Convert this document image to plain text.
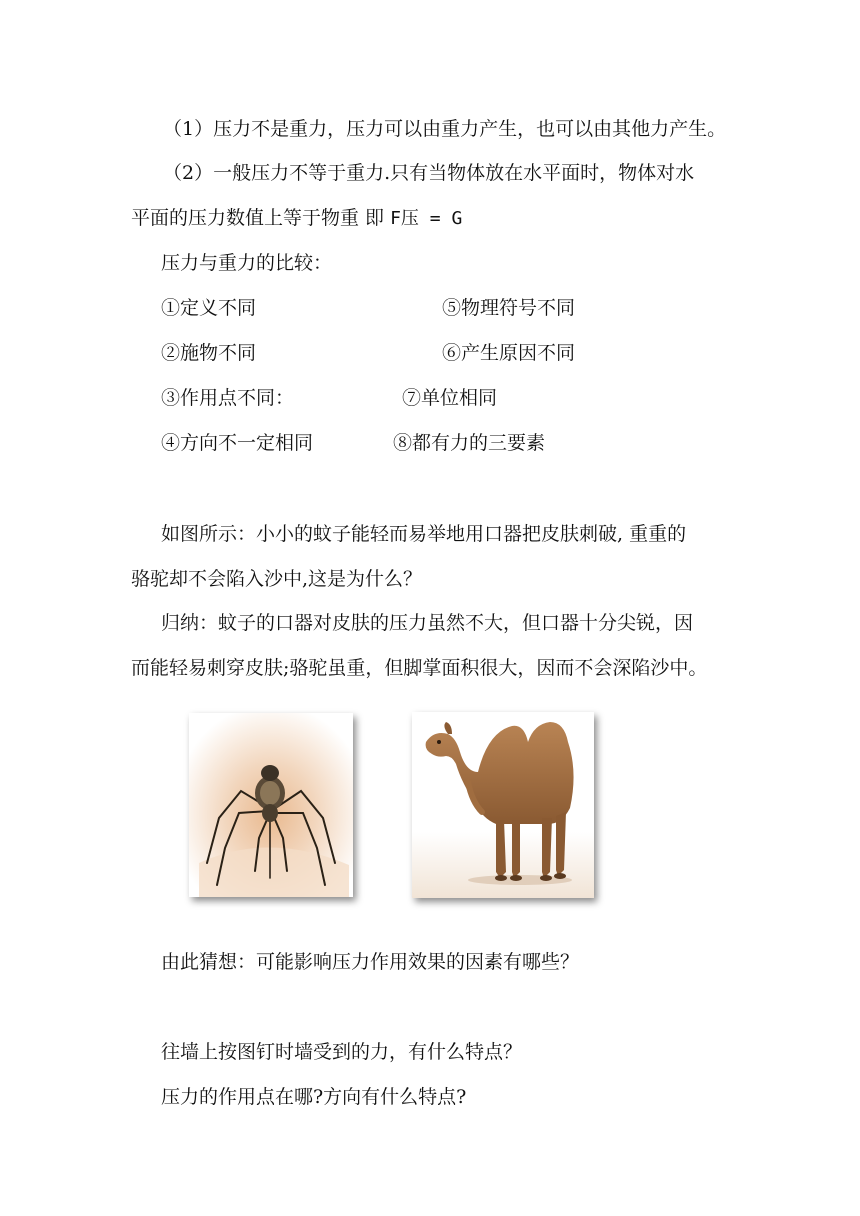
（1）压力不是重力，压力可以由重力产生，也可以由其他力产生。
（2）一般压力不等于重力.只有当物体放在水平面时，物体对水
平面的压力数值上等于物重 即 F压 = G
压力与重力的比较：
①定义不同	⑤物理符号不同
②施物不同	⑥产生原因不同
③作用点不同：	⑦单位相同
④方向不一定相同	⑧都有力的三要素
如图所示：小小的蚊子能轻而易举地用口器把皮肤刺破, 重重的
骆驼却不会陷入沙中,这是为什么？
归纳：蚊子的口器对皮肤的压力虽然不大，但口器十分尖锐，因
而能轻易刺穿皮肤;骆驼虽重，但脚掌面积很大，因而不会深陷沙中。
由此猜想：可能影响压力作用效果的因素有哪些？
往墙上按图钉时墙受到的力，有什么特点？
压力的作用点在哪?方向有什么特点?
